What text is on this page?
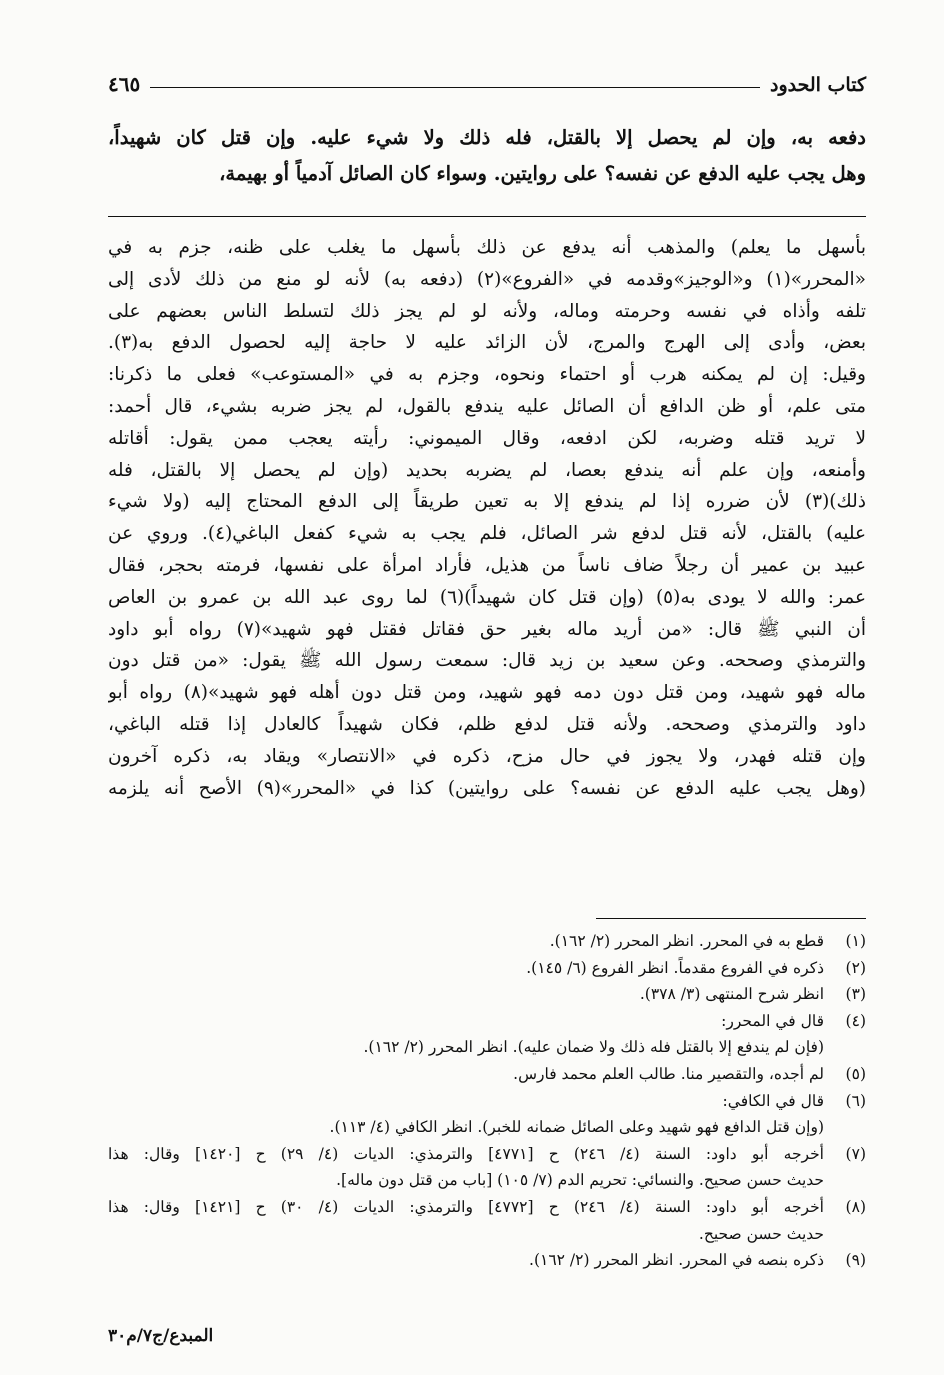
كتاب الحدود
٤٦٥

دفعه به، وإن لم يحصل إلا بالقتل، فله ذلك ولا شيء عليه. وإن قتل كان شهيداً،

وهل يجب عليه الدفع عن نفسه؟ على روايتين. وسواء كان الصائل آدمياً أو بهيمة،

بأسهل ما يعلم) والمذهب أنه يدفع عن ذلك بأسهل ما يغلب على ظنه، جزم به في

«المحرر»(١) و«الوجيز»وقدمه في «الفروع»(٢) (دفعه به) لأنه لو منع من ذلك لأدى إلى

تلفه وأذاه في نفسه وحرمته وماله، ولأنه لو لم يجز ذلك لتسلط الناس بعضهم على

بعض، وأدى إلى الهرج والمرج، لأن الزائد عليه لا حاجة إليه لحصول الدفع به(٣).

وقيل: إن لم يمكنه هرب أو احتماء ونحوه، وجزم به في «المستوعب» فعلى ما ذكرنا:

متى علم، أو ظن الدافع أن الصائل عليه يندفع بالقول، لم يجز ضربه بشيء، قال أحمد:

لا تريد قتله وضربه، لكن ادفعه، وقال الميموني: رأيته يعجب ممن يقول: أقاتله

وأمنعه، وإن علم أنه يندفع بعصا، لم يضربه بحديد (وإن لم يحصل إلا بالقتل، فله

ذلك)(٣) لأن ضرره إذا لم يندفع إلا به تعين طريقاً إلى الدفع المحتاج إليه (ولا شيء

عليه) بالقتل، لأنه قتل لدفع شر الصائل، فلم يجب به شيء كفعل الباغي(٤). وروي عن

عبيد بن عمير أن رجلاً ضاف ناساً من هذيل، فأراد امرأة على نفسها، فرمته بحجر، فقال

عمر: والله لا يودى به(٥) (وإن قتل كان شهيداً)(٦) لما روى عبد الله بن عمرو بن العاص

أن النبي ﷺ قال: «من أريد ماله بغير حق فقاتل فقتل فهو شهيد»(٧) رواه أبو داود

والترمذي وصححه. وعن سعيد بن زيد قال: سمعت رسول الله ﷺ يقول: «من قتل دون

ماله فهو شهيد، ومن قتل دون دمه فهو شهيد، ومن قتل دون أهله فهو شهيد»(٨) رواه أبو

داود والترمذي وصححه. ولأنه قتل لدفع ظلم، فكان شهيداً كالعادل إذا قتله الباغي،

وإن قتله فهدر، ولا يجوز في حال مزح، ذكره في «الانتصار» ويقاد به، ذكره آخرون

(وهل يجب عليه الدفع عن نفسه؟ على روايتين) كذا في «المحرر»(٩) الأصح أنه يلزمه

(١)
قطع به في المحرر. انظر المحرر (٢/ ١٦٢).
(٢)
ذكره في الفروع مقدماً. انظر الفروع (٦/ ١٤٥).
(٣)
انظر شرح المنتهى (٣/ ٣٧٨).
(٤)
قال في المحرر:
(فإن لم يندفع إلا بالقتل فله ذلك ولا ضمان عليه). انظر المحرر (٢/ ١٦٢).
(٥)
لم أجده، والتقصير منا. طالب العلم محمد فارس.
(٦)
قال في الكافي:
(وإن قتل الدافع فهو شهيد وعلى الصائل ضمانه للخبر). انظر الكافي (٤/ ١١٣).
(٧)
أخرجه أبو داود: السنة (٤/ ٢٤٦) ح [٤٧٧١] والترمذي: الديات (٤/ ٢٩) ح [١٤٢٠] وقال: هذا
حديث حسن صحيح. والنسائي: تحريم الدم (٧/ ١٠٥) [باب من قتل دون ماله].
(٨)
أخرجه أبو داود: السنة (٤/ ٢٤٦) ح [٤٧٧٢] والترمذي: الديات (٤/ ٣٠) ح [١٤٢١] وقال: هذا
حديث حسن صحيح.
(٩)
ذكره بنصه في المحرر. انظر المحرر (٢/ ١٦٢).
المبدع/ج٧/م٣٠
